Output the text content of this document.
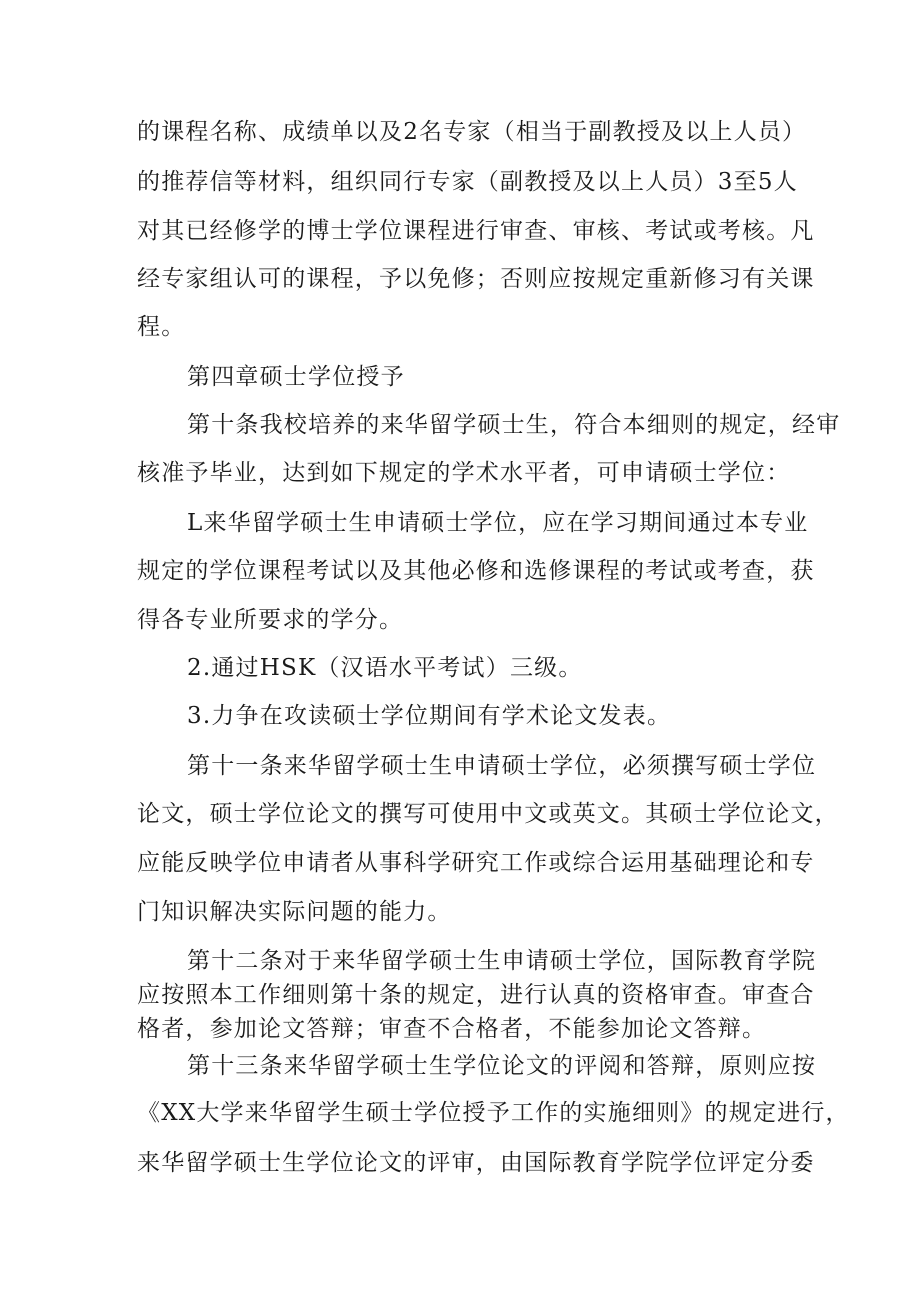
的课程名称、成绩单以及2名专家（相当于副教授及以上人员）

的推荐信等材料，组织同行专家（副教授及以上人员）3至5人

对其已经修学的博士学位课程进行审查、审核、考试或考核。凡

经专家组认可的课程，予以免修；否则应按规定重新修习有关课

程。

第四章硕士学位授予

第十条我校培养的来华留学硕士生，符合本细则的规定，经审

核准予毕业，达到如下规定的学术水平者，可申请硕士学位：

L来华留学硕士生申请硕士学位，应在学习期间通过本专业

规定的学位课程考试以及其他必修和选修课程的考试或考查，获

得各专业所要求的学分。

2.通过HSK（汉语水平考试）三级。

3.力争在攻读硕士学位期间有学术论文发表。

第十一条来华留学硕士生申请硕士学位，必须撰写硕士学位

论文，硕士学位论文的撰写可使用中文或英文。其硕士学位论文，

应能反映学位申请者从事科学研究工作或综合运用基础理论和专

门知识解决实际问题的能力。

第十二条对于来华留学硕士生申请硕士学位，国际教育学院

应按照本工作细则第十条的规定，进行认真的资格审查。审查合

格者，参加论文答辩；审查不合格者，不能参加论文答辩。

第十三条来华留学硕士生学位论文的评阅和答辩，原则应按

《XX大学来华留学生硕士学位授予工作的实施细则》的规定进行，

来华留学硕士生学位论文的评审，由国际教育学院学位评定分委
